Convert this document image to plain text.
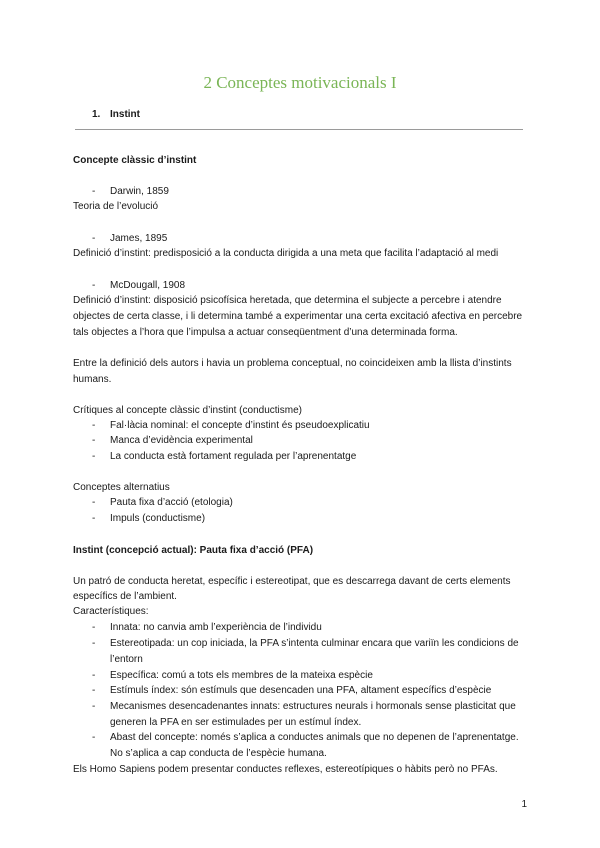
2 Conceptes motivacionals I
1. Instint
Concepte clàssic d’instint
- Darwin, 1859
Teoria de l’evolució
- James, 1895
Definició d’instint: predisposició a la conducta dirigida a una meta que facilita l’adaptació al medi
- McDougall, 1908
Definició d’instint: disposició psicofísica heretada, que determina el subjecte a percebre i atendre
objectes de certa classe, i li determina també a experimentar una certa excitació afectiva en percebre
tals objectes a l’hora que l’impulsa a actuar conseqüentment d’una determinada forma.
Entre la definició dels autors i havia un problema conceptual, no coincideixen amb la llista d’instints
humans.
Crítiques al concepte clàssic d’instint (conductisme)
- Fal·làcia nominal: el concepte d’instint és pseudoexplicatiu
- Manca d’evidència experimental
- La conducta està fortament regulada per l’aprenentatge
Conceptes alternatius
- Pauta fixa d’acció (etologia)
- Impuls (conductisme)
Instint (concepció actual): Pauta fixa d’acció (PFA)
Un patró de conducta heretat, específic i estereotipat, que es descarrega davant de certs elements
específics de l’ambient.
Característiques:
- Innata: no canvia amb l’experiència de l’individu
- Estereotipada: un cop iniciada, la PFA s’intenta culminar encara que variïn les condicions de
l’entorn
- Específica: comú a tots els membres de la mateixa espècie
- Estímuls índex: són estímuls que desencaden una PFA, altament específics d’espècie
- Mecanismes desencadenantes innats: estructures neurals i hormonals sense plasticitat que
generen la PFA en ser estimulades per un estímul índex.
- Abast del concepte: només s’aplica a conductes animals que no depenen de l’aprenentatge.
No s’aplica a cap conducta de l’espècie humana.
Els Homo Sapiens podem presentar conductes reflexes, estereotípiques o hàbits però no PFAs.
1
